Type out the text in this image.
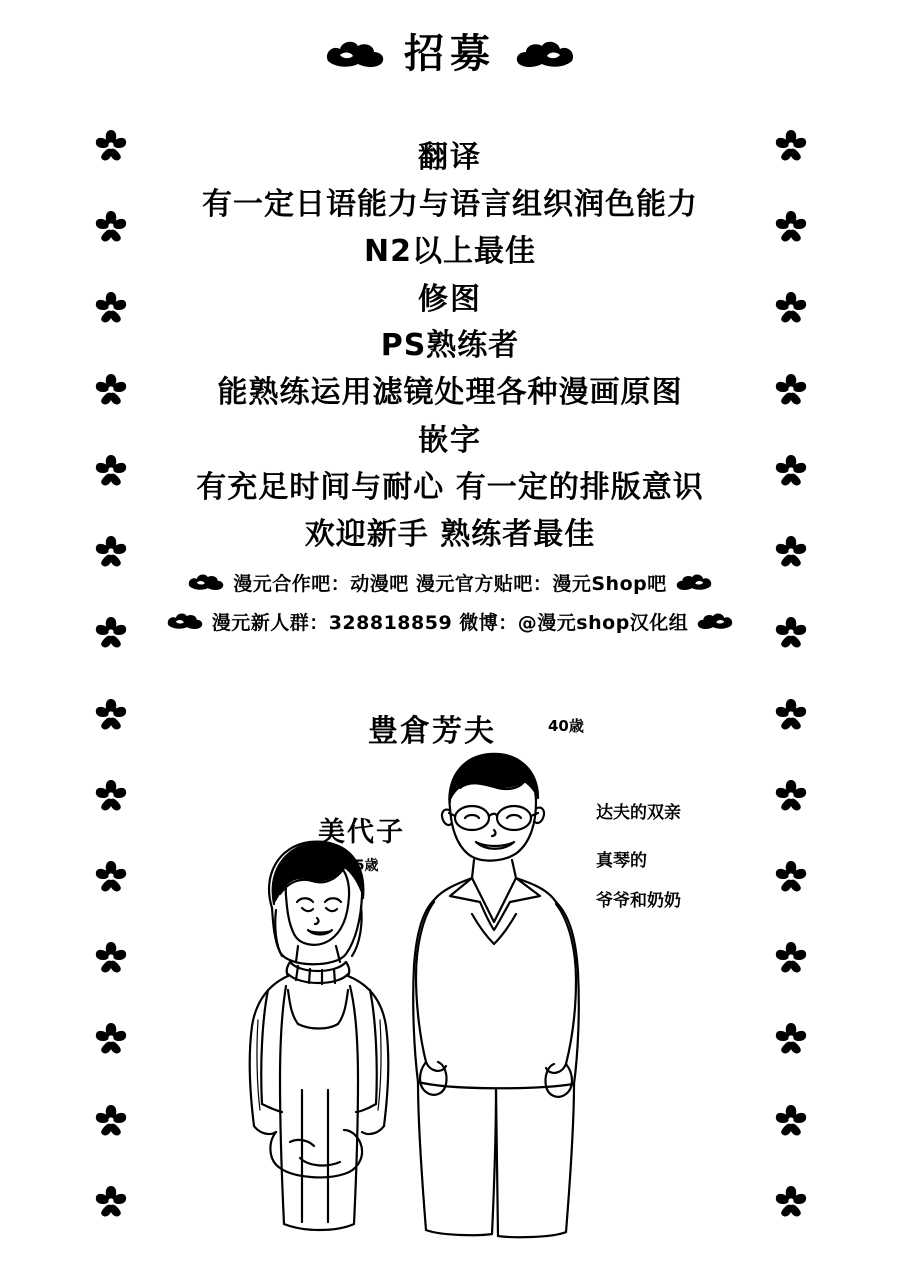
招募
翻译
有一定日语能力与语言组织润色能力
N2以上最佳
修图
PS熟练者
能熟练运用滤镜处理各种漫画原图
嵌字
有充足时间与耐心 有一定的排版意识
欢迎新手 熟练者最佳
漫元合作吧：动漫吧 漫元官方贴吧：漫元Shop吧
漫元新人群：328818859 微博：@漫元shop汉化组
豊倉芳夫	40歳
美代子
45歳
达夫的双亲
真琴的
爷爷和奶奶
